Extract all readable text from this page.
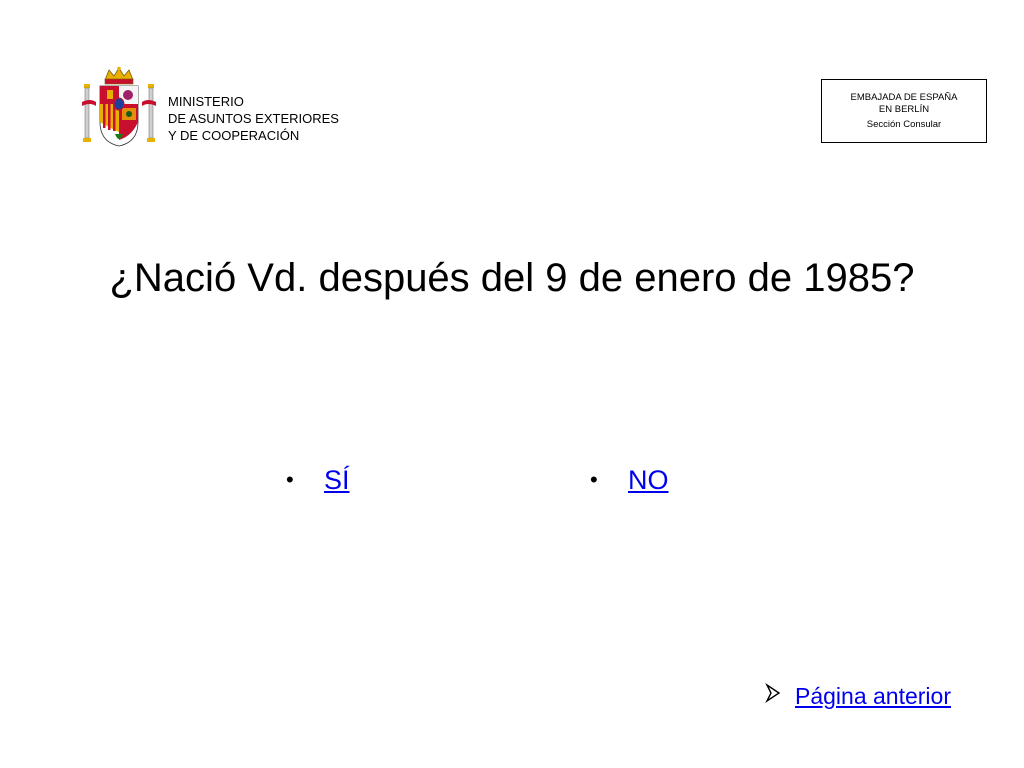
MINISTERIO
DE ASUNTOS EXTERIORES
Y DE COOPERACIÓN
EMBAJADA DE ESPAÑA
EN BERLÍN
Sección Consular
¿Nació Vd. después del 9 de enero de 1985?
• SÍ	• NO
Página anterior
